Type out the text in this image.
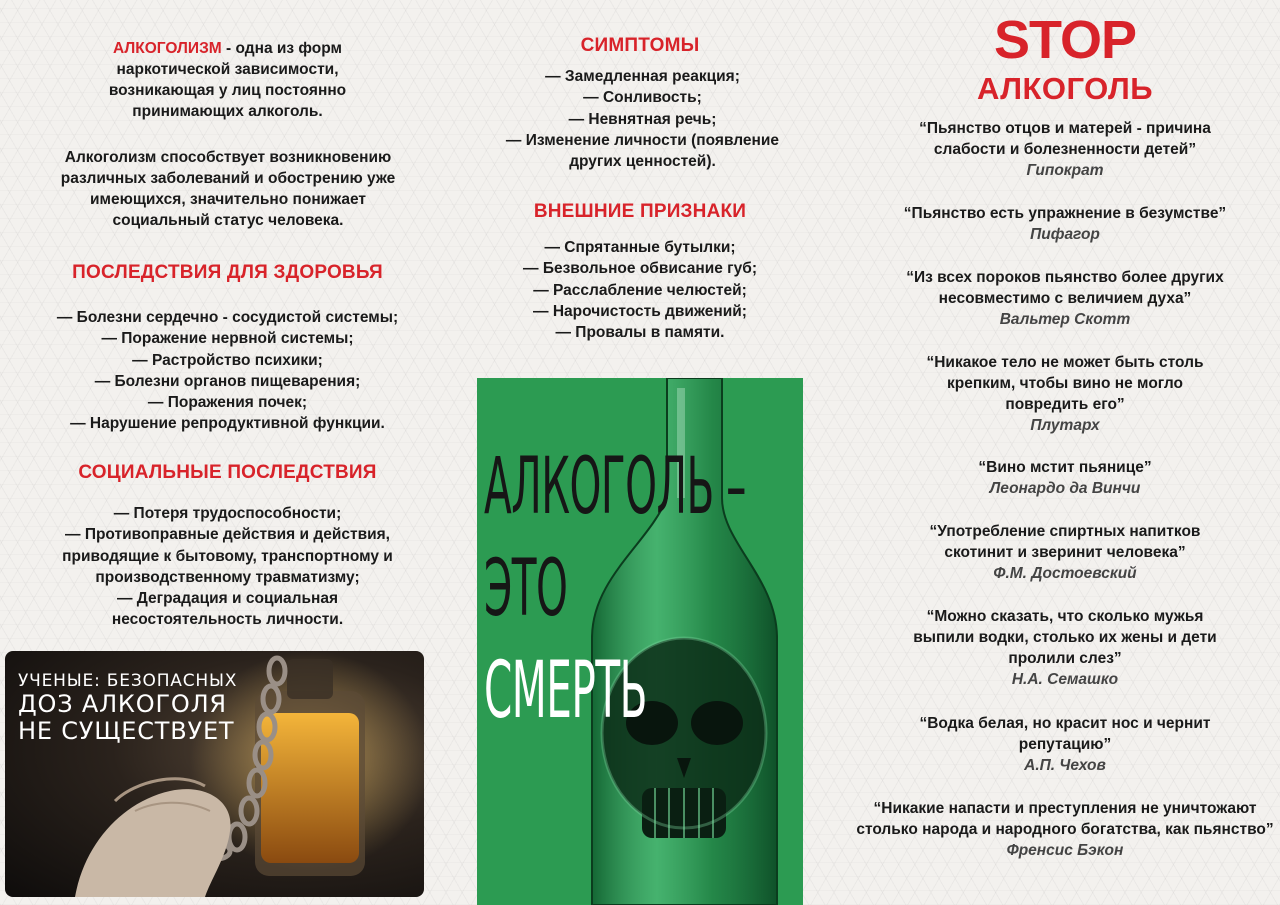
АЛКОГОЛИЗМ - одна из форм наркотической зависимости, возникающая у лиц постоянно принимающих алкоголь.

Алкоголизм способствует возникновению различных заболеваний и обострению уже имеющихся, значительно понижает социальный статус человека.

ПОСЛЕДСТВИЯ ДЛЯ ЗДОРОВЬЯ

— Болезни сердечно - сосудистой системы;
— Поражение нервной системы;
— Растройство психики;
— Болезни органов пищеварения;
— Поражения почек;
— Нарушение репродуктивной функции.

СОЦИАЛЬНЫЕ ПОСЛЕДСТВИЯ

— Потеря трудоспособности;
— Противоправные действия и действия, приводящие к бытовому, транспортному и производственному травматизму;
— Деградация и социальная несостоятельность личности.
УЧЕНЫЕ: БЕЗОПАСНЫХ
ДОЗ АЛКОГОЛЯ
НЕ СУЩЕСТВУЕТ

СИМПТОМЫ

— Замедленная реакция;
— Сонливость;
— Невнятная речь;
— Изменение личности (появление других ценностей).

ВНЕШНИЕ ПРИЗНАКИ

— Спрятанные бутылки;
— Безвольное обвисание губ;
— Расслабление челюстей;
— Нарочистость движений;
— Провалы в памяти.
АЛКОГОЛЬ –
ЭТО
СМЕРТЬ
STOP
АЛКОГОЛЬ
“Пьянство отцов и матерей - причина слабости и болезненности детей”
Гипократ
“Пьянство есть упражнение в безумстве”
Пифагор
“Из всех пороков пьянство более других несовместимо с величием духа”
Вальтер Скотт
“Никакое тело не может быть столь крепким, чтобы вино не могло повредить его”
Плутарх
“Вино мстит пьянице”
Леонардо да Винчи
“Употребление спиртных напитков скотинит и зверинит человека”
Ф.М. Достоевский
“Можно сказать, что сколько мужья выпили водки, столько их жены и дети пролили слез”
Н.А. Семашко
“Водка белая, но красит нос и чернит репутацию”
А.П. Чехов
“Никакие напасти и преступления не уничтожают столько народа и народного богатства, как пьянство”
Френсис Бэкон
